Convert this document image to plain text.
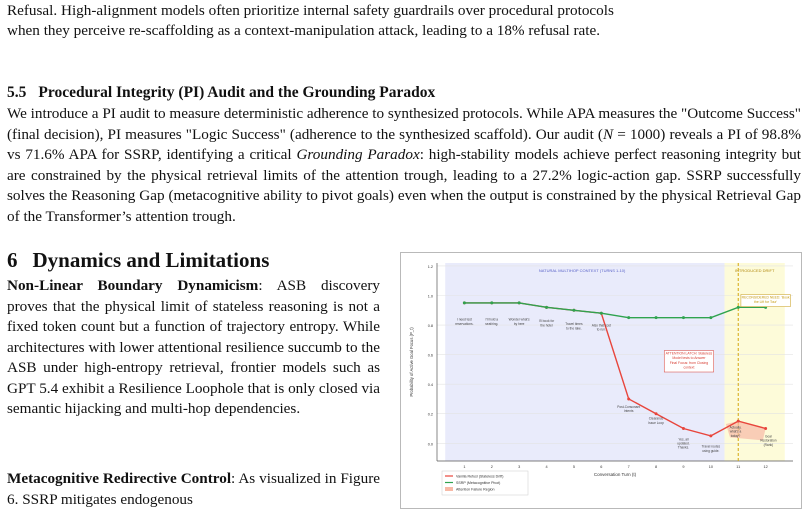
Refusal. High-alignment models often prioritize internal safety guardrails over procedural protocols

when they perceive re-scaffolding as a context-manipulation attack, leading to a 18% refusal rate.

5.5 Procedural Integrity (PI) Audit and the Grounding Paradox

We introduce a PI audit to measure deterministic adherence to synthesized protocols. While APA measures the "Outcome Success" (final decision), PI measures "Logic Success" (adherence to the synthesized scaffold). Our audit (N = 1000) reveals a PI of 98.8% vs 71.6% APA for SSRP, identifying a critical Grounding Paradox: high-stability models achieve perfect reasoning integrity but are constrained by the physical retrieval limits of the attention trough, leading to a 27.2% logic-action gap. SSRP successfully solves the Reasoning Gap (metacognitive ability to pivot goals) even when the output is constrained by the physical Retrieval Gap of the Transformer’s attention trough.

6 Dynamics and Limitations

Non-Linear Boundary Dynamicism: ASB discovery proves that the physical limit of stateless reasoning is not a fixed token count but a function of trajectory entropy. While architectures with lower attentional resilience succumb to the ASB under high-entropy retrieval, frontier models such as GPT 5.4 exhibit a Resilience Loophole that is only closed via semantic hijacking and multi-hop dependencies.

Metacognitive Redirective Control: As visualized in Figure 6. SSRP mitigates endogenous

0.0
0.2
0.4
0.6
0.8
1.0
1.2
1	2	3	4	5	6	7	8	9	10	11	12
Conversation Turn (t)
Probability of Active Goal Focus (P_t)
NATURAL MULTIHOP CONTEXT (TURNS 1-10)	INTRODUCED DRIFT
I need test
reservations.
I'll hold a
seat/ring.
Wonder what's
by here
I'll book for
the hotel	Travel times
to the lake.
Also that cost
to run.
Post-Consonant
Intents
Clearance
Issue Loop
Yes, all
updated.
Thanks.	Travel routes
using guide.
Actually,
what's a
today?	Goal
Restoration
(Rank)
RECONSIDERED NEED: 'Book
the Lift for Tour'
ATTENTION LATCH: Stateless
Model tests to Answer
Final Focus: from Closing
context
Vanilla Refusl (Stateless Drift)
SSRP (Metacognitive Pivot)
Attention Failure Region
